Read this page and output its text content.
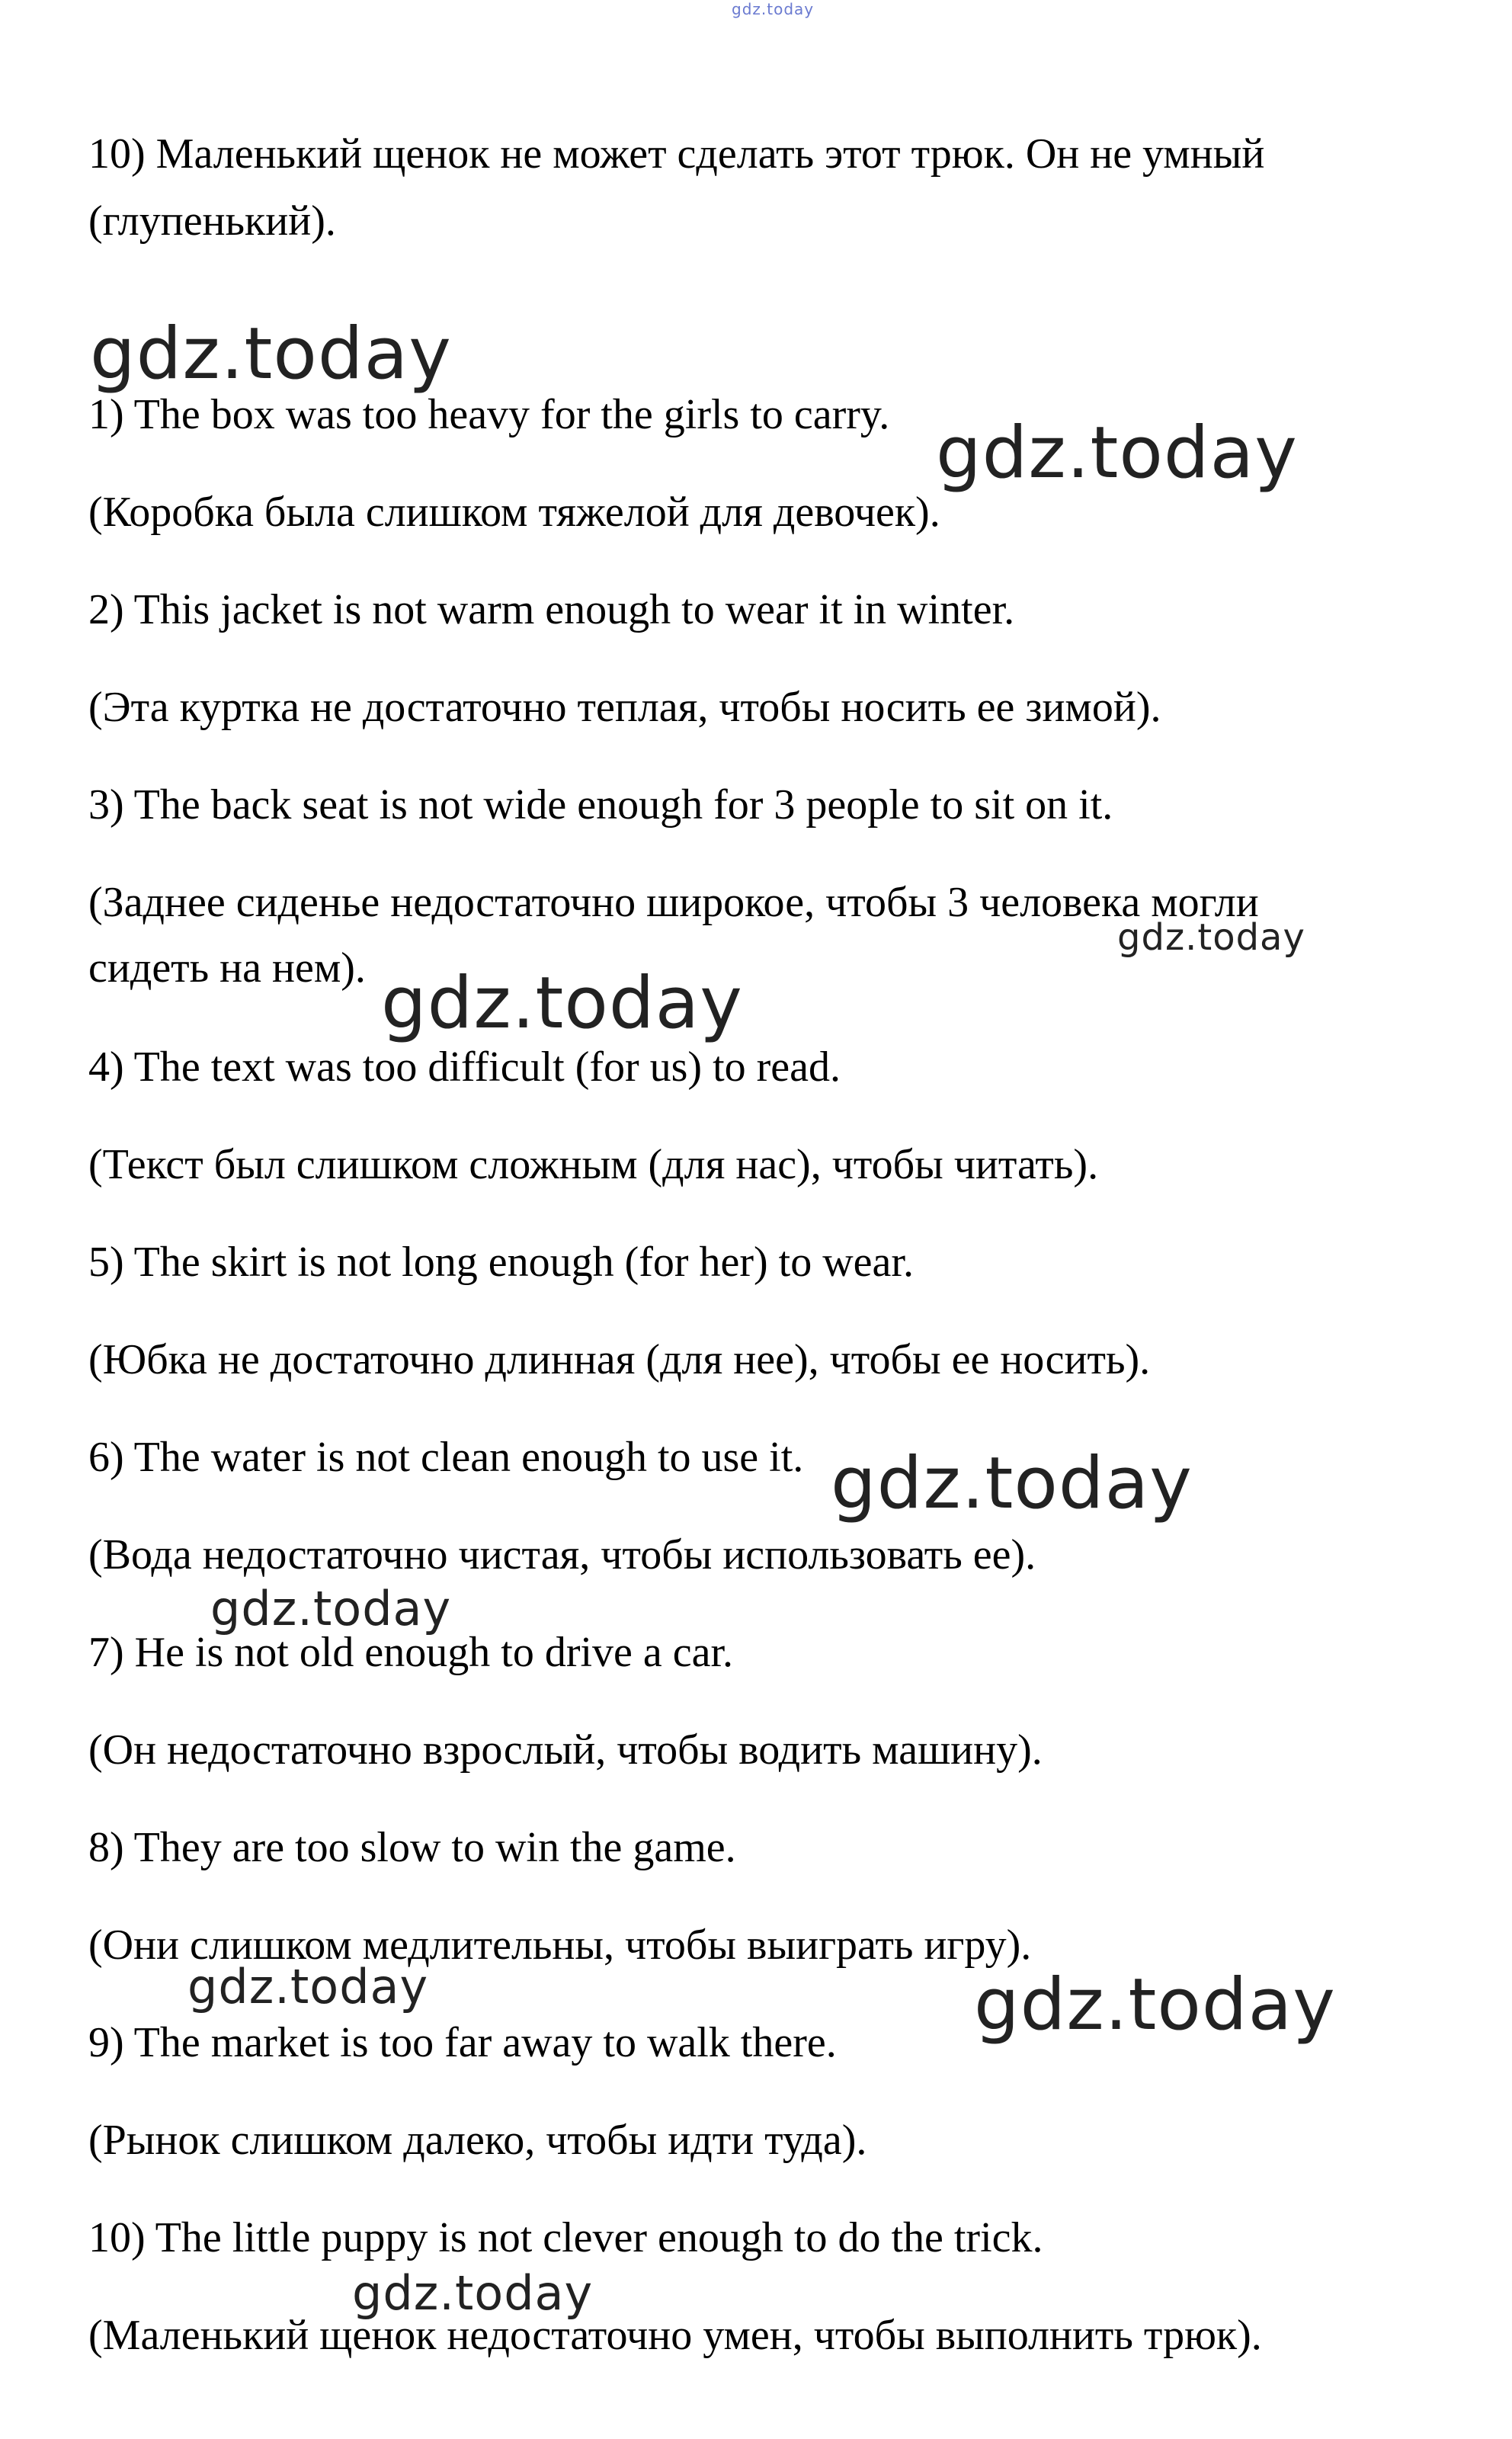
gdz.today
10) Маленький щенок не может сделать этот трюк. Он не умный
(глупенький).
gdz.today
1) The box was too heavy for the girls to carry. gdz.today
(Коробка была слишком тяжелой для девочек).
2) This jacket is not warm enough to wear it in winter.
(Эта куртка не достаточно теплая, чтобы носить ее зимой).
3) The back seat is not wide enough for 3 people to sit on it.
(Заднее сиденье недостаточно широкое, чтобы 3 человека могли
gdz.today
сидеть на нем). gdz.today
4) The text was too difficult (for us) to read.
(Текст был слишком сложным (для нас), чтобы читать).
5) The skirt is not long enough (for her) to wear.
(Юбка не достаточно длинная (для нее), чтобы ее носить).
6) The water is not clean enough to use it. gdz.today
(Вода недостаточно чистая, чтобы использовать ее).
gdz.today
7) He is not old enough to drive a car.
(Он недостаточно взрослый, чтобы водить машину).
8) They are too slow to win the game.
(Они слишком медлительны, чтобы выиграть игру).
gdz.today	gdz.today
9) The market is too far away to walk there.
(Рынок слишком далеко, чтобы идти туда).
10) The little puppy is not clever enough to do the trick.
gdz.today
(Маленький щенок недостаточно умен, чтобы выполнить трюк).
